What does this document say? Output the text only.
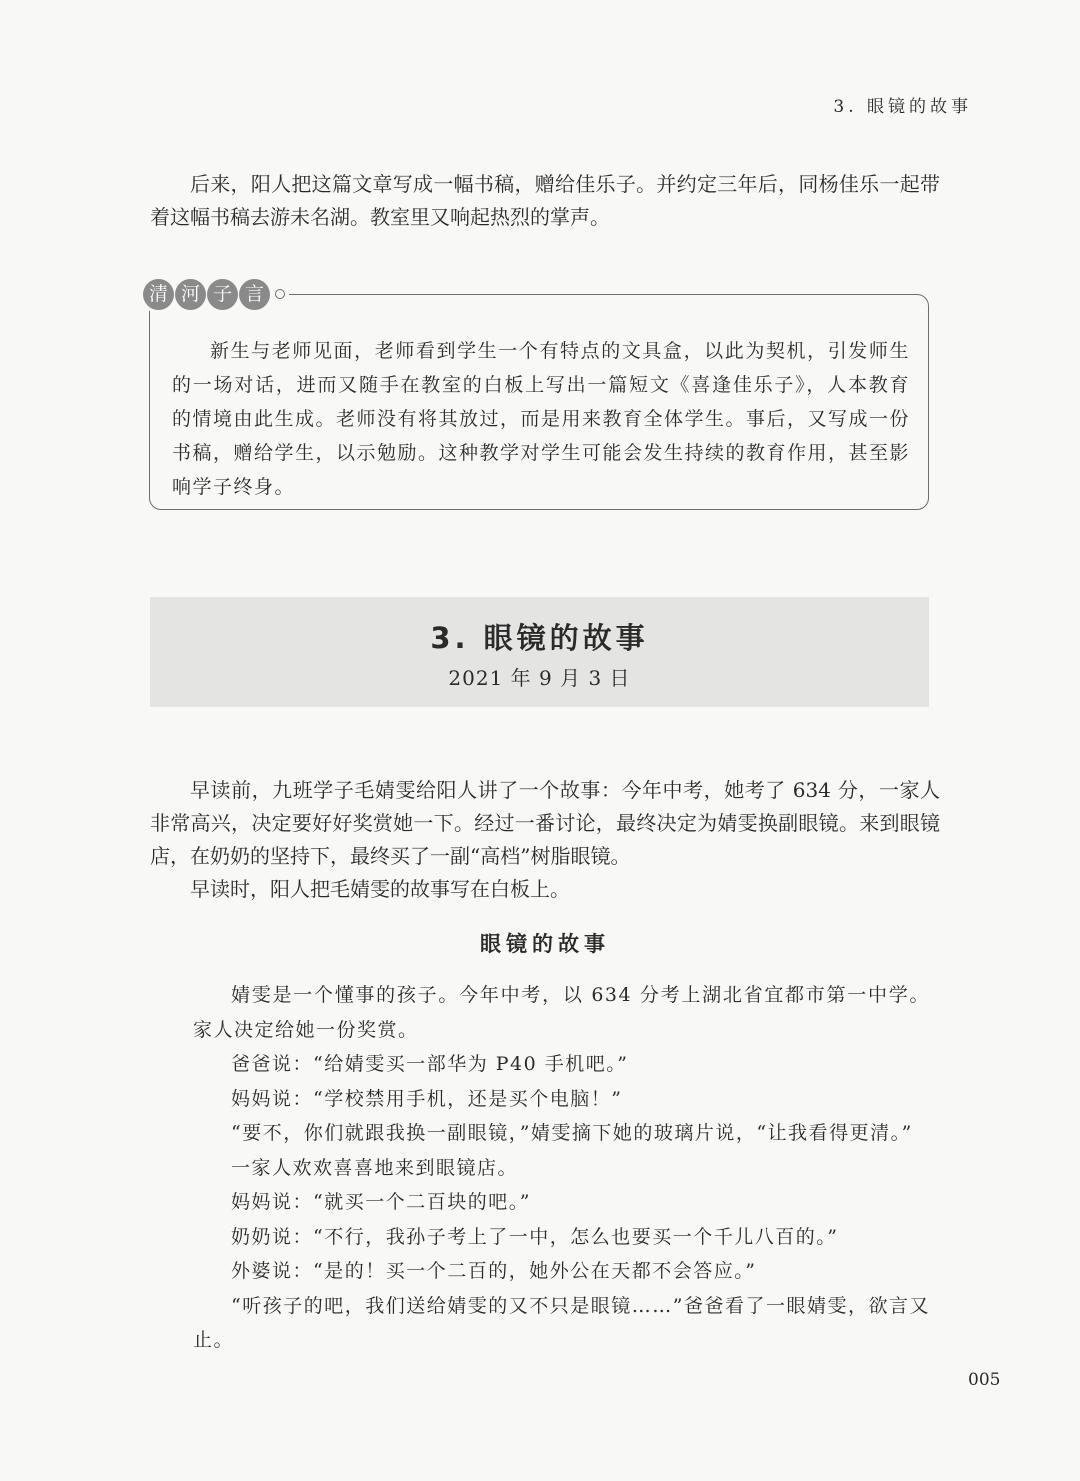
3. 眼镜的故事

后来，阳人把这篇文章写成一幅书稿，赠给佳乐子。并约定三年后，同杨佳乐一起带着这幅书稿去游未名湖。教室里又响起热烈的掌声。

清 河 子 言

新生与老师见面，老师看到学生一个有特点的文具盒，以此为契机，引发师生的一场对话，进而又随手在教室的白板上写出一篇短文《喜逢佳乐子》，人本教育的情境由此生成。老师没有将其放过，而是用来教育全体学生。事后，又写成一份书稿，赠给学生，以示勉励。这种教学对学生可能会发生持续的教育作用，甚至影响学子终身。

3. 眼镜的故事
2021 年 9 月 3 日

早读前，九班学子毛婧雯给阳人讲了一个故事：今年中考，她考了 634 分，一家人非常高兴，决定要好好奖赏她一下。经过一番讨论，最终决定为婧雯换副眼镜。来到眼镜店，在奶奶的坚持下，最终买了一副“高档”树脂眼镜。

早读时，阳人把毛婧雯的故事写在白板上。

眼镜的故事

婧雯是一个懂事的孩子。今年中考，以 634 分考上湖北省宜都市第一中学。家人决定给她一份奖赏。

爸爸说：“给婧雯买一部华为 P40 手机吧。”

妈妈说：“学校禁用手机，还是买个电脑！”

“要不，你们就跟我换一副眼镜，”婧雯摘下她的玻璃片说，“让我看得更清。”

一家人欢欢喜喜地来到眼镜店。

妈妈说：“就买一个二百块的吧。”

奶奶说：“不行，我孙子考上了一中，怎么也要买一个千儿八百的。”

外婆说：“是的！买一个二百的，她外公在天都不会答应。”

“听孩子的吧，我们送给婧雯的又不只是眼镜……”爸爸看了一眼婧雯，欲言又止。

005
